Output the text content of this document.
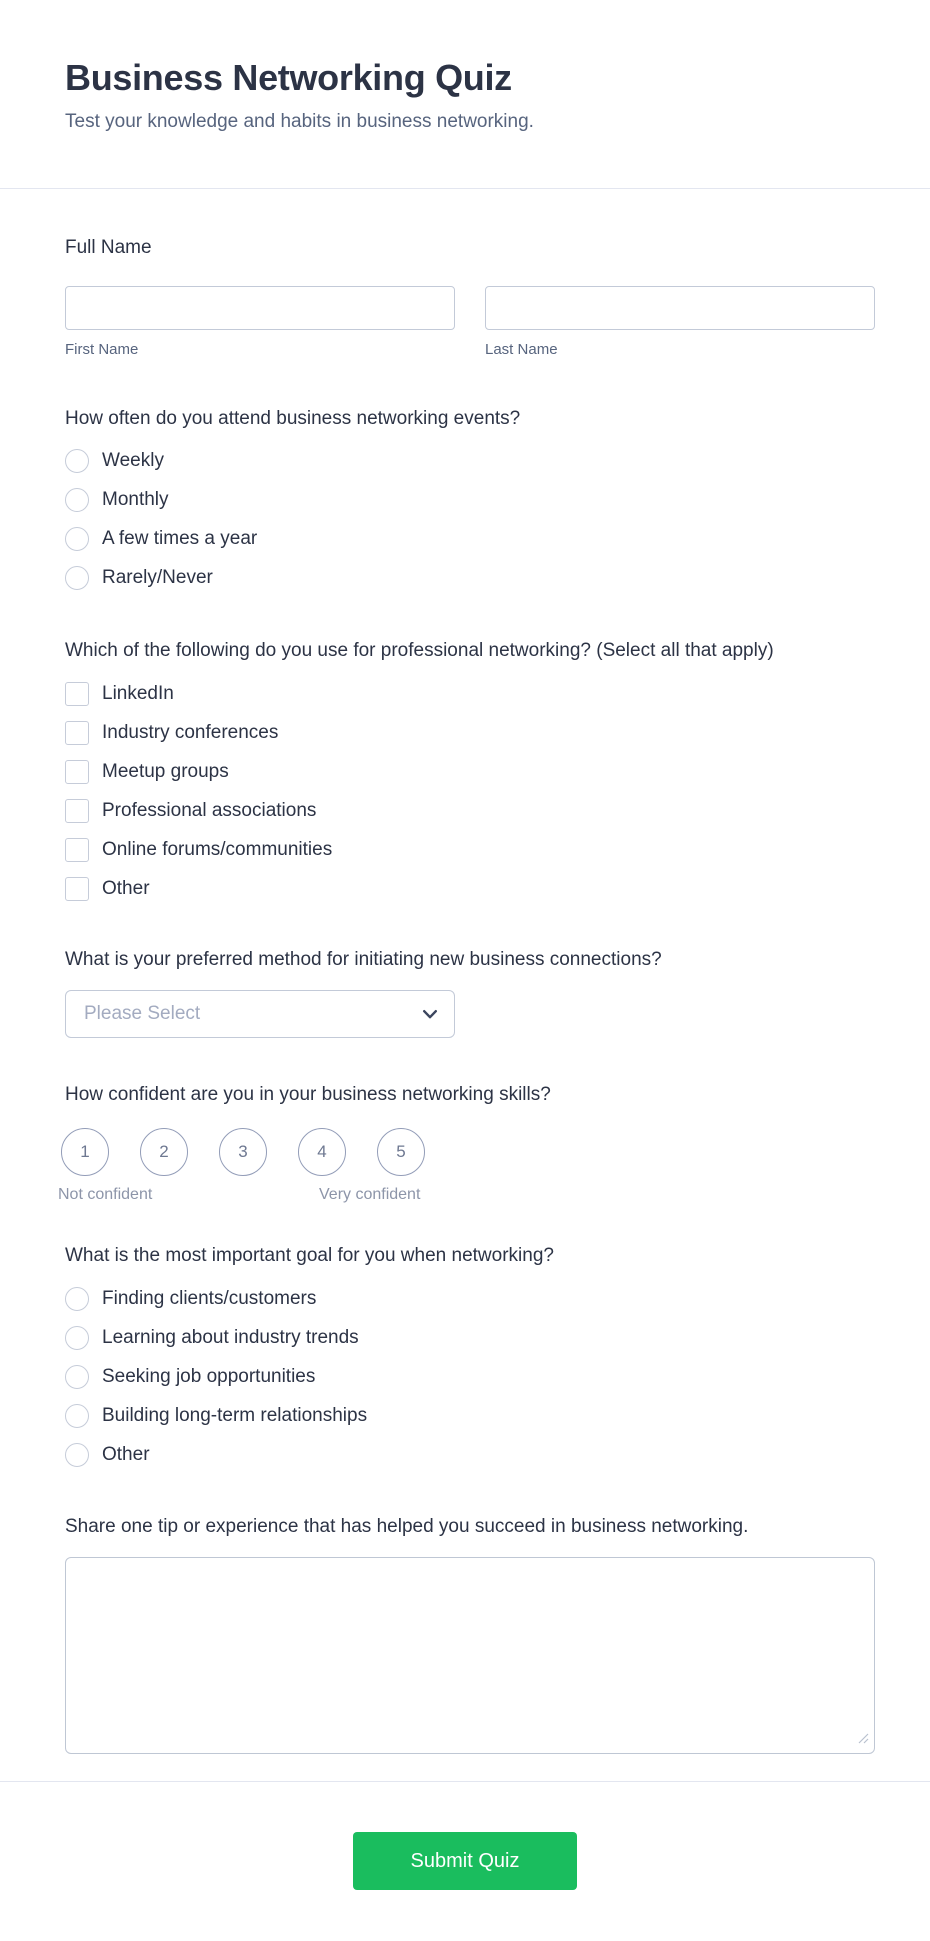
Business Networking Quiz

Test your knowledge and habits in business networking.

Full Name
First Name	Last Name
How often do you attend business networking events?
Weekly
Monthly
A few times a year
Rarely/Never
Which of the following do you use for professional networking? (Select all that apply)
LinkedIn
Industry conferences
Meetup groups
Professional associations
Online forums/communities
Other
What is your preferred method for initiating new business connections?
Please Select
How confident are you in your business networking skills?
1	2	3	4	5
Not confident	Very confident
What is the most important goal for you when networking?
Finding clients/customers
Learning about industry trends
Seeking job opportunities
Building long-term relationships
Other
Share one tip or experience that has helped you succeed in business networking.
Submit Quiz
